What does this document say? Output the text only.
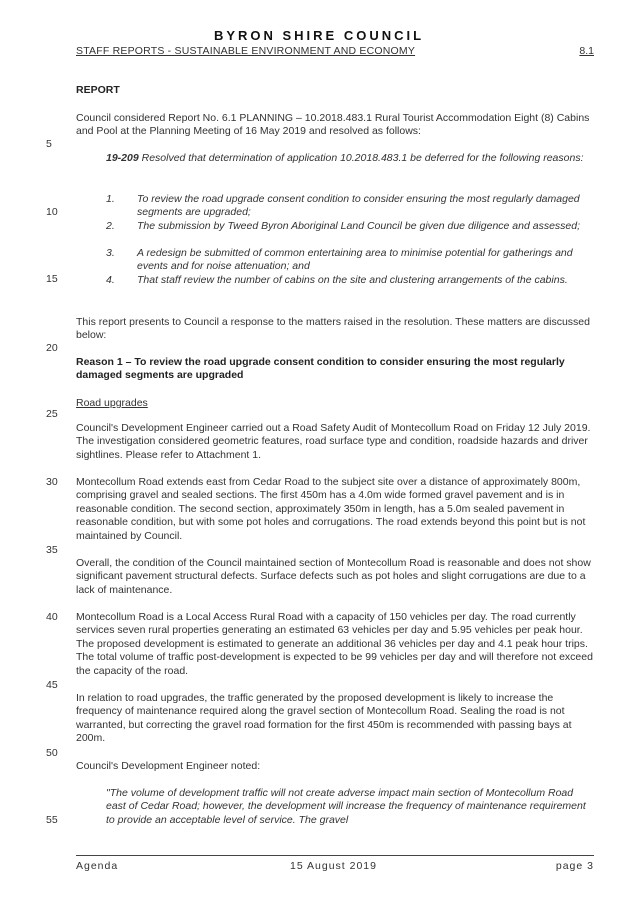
BYRON SHIRE COUNCIL
STAFF REPORTS - SUSTAINABLE ENVIRONMENT AND ECONOMY	8.1
5
10
15
20
25
30
35
40
45
50
55
REPORT
Council considered Report No. 6.1 PLANNING – 10.2018.483.1 Rural Tourist Accommodation Eight (8) Cabins and Pool at the Planning Meeting of 16 May 2019 and resolved as follows:
19-209 Resolved that determination of application 10.2018.483.1 be deferred for the following reasons:
1. To review the road upgrade consent condition to consider ensuring the most regularly damaged segments are upgraded;
2. The submission by Tweed Byron Aboriginal Land Council be given due diligence and assessed;
3. A redesign be submitted of common entertaining area to minimise potential for gatherings and events and for noise attenuation; and
4. That staff review the number of cabins on the site and clustering arrangements of the cabins.
This report presents to Council a response to the matters raised in the resolution. These matters are discussed below:
Reason 1 – To review the road upgrade consent condition to consider ensuring the most regularly damaged segments are upgraded
Road upgrades
Council's Development Engineer carried out a Road Safety Audit of Montecollum Road on Friday 12 July 2019. The investigation considered geometric features, road surface type and condition, roadside hazards and driver sightlines. Please refer to Attachment 1.
Montecollum Road extends east from Cedar Road to the subject site over a distance of approximately 800m, comprising gravel and sealed sections. The first 450m has a 4.0m wide formed gravel pavement and is in reasonable condition. The second section, approximately 350m in length, has a 5.0m sealed pavement in reasonable condition, but with some pot holes and corrugations. The road extends beyond this point but is not maintained by Council.
Overall, the condition of the Council maintained section of Montecollum Road is reasonable and does not show significant pavement structural defects. Surface defects such as pot holes and slight corrugations are due to a lack of maintenance.
Montecollum Road is a Local Access Rural Road with a capacity of 150 vehicles per day. The road currently services seven rural properties generating an estimated 63 vehicles per day and 5.95 vehicles per peak hour. The proposed development is estimated to generate an additional 36 vehicles per day and 4.1 peak hour trips. The total volume of traffic post-development is expected to be 99 vehicles per day and will therefore not exceed the capacity of the road.
In relation to road upgrades, the traffic generated by the proposed development is likely to increase the frequency of maintenance required along the gravel section of Montecollum Road. Sealing the road is not warranted, but correcting the gravel road formation for the first 450m is recommended with passing bays at 200m.
Council's Development Engineer noted:
"The volume of development traffic will not create adverse impact main section of Montecollum Road east of Cedar Road; however, the development will increase the frequency of maintenance requirement to provide an acceptable level of service. The gravel
Agenda	15 August 2019	page 3
